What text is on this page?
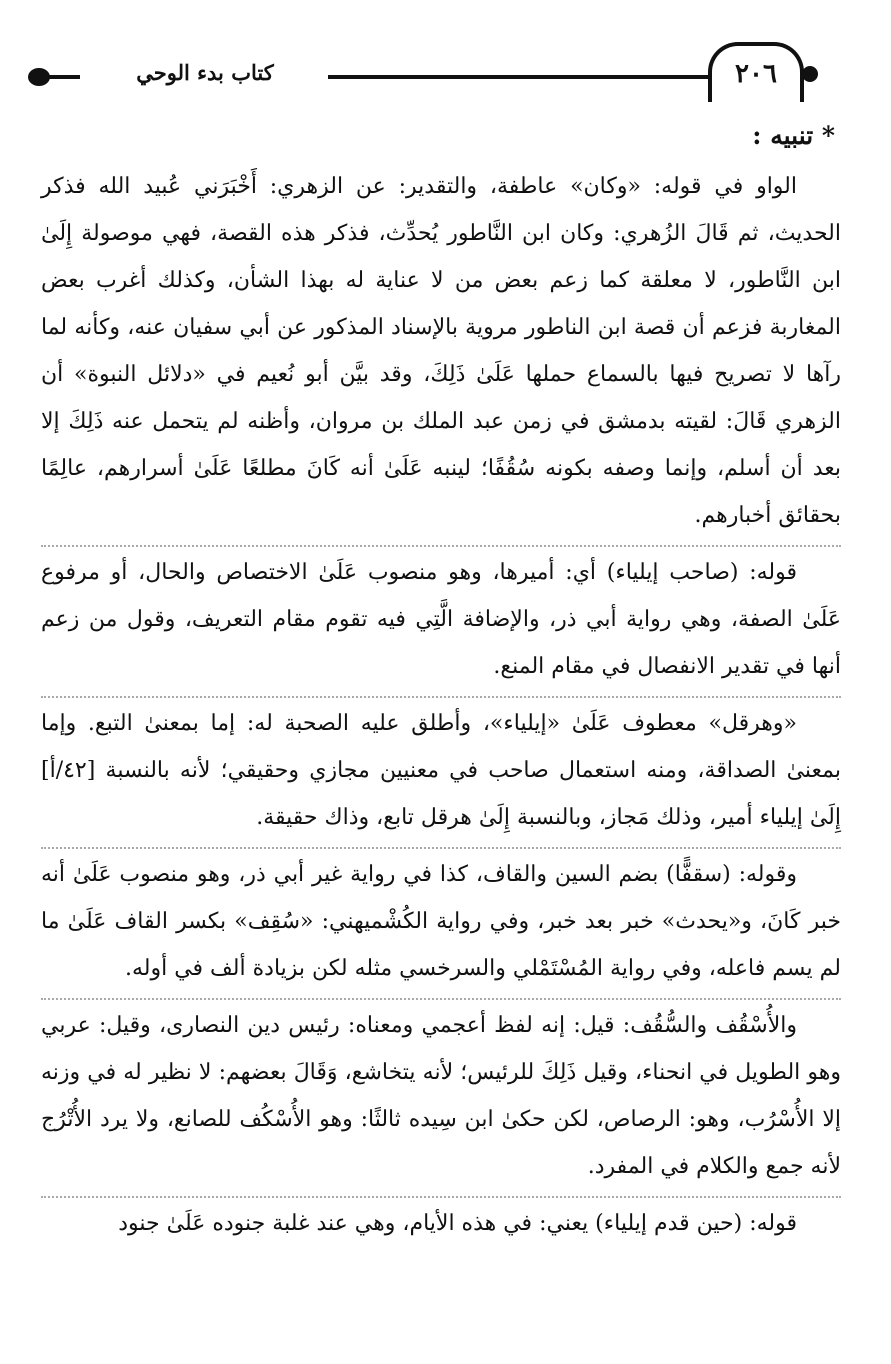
كتاب بدء الوحي	٢٠٦
* تنبيه :

الواو في قوله: «وكان» عاطفة، والتقدير: عن الزهري: أَخْبَرَني عُبيد الله فذكر الحديث، ثم قَالَ الزُهري: وكان ابن النَّاطور يُحدِّث، فذكر هذه القصة، فهي موصولة إِلَىٰ ابن النَّاطور، لا معلقة كما زعم بعض من لا عناية له بهذا الشأن، وكذلك أغرب بعض المغاربة فزعم أن قصة ابن الناطور مروية بالإسناد المذكور عن أبي سفيان عنه، وكأنه لما رآها لا تصريح فيها بالسماع حملها عَلَىٰ ذَلِكَ، وقد بيَّن أبو نُعيم في «دلائل النبوة» أن الزهري قَالَ: لقيته بدمشق في زمن عبد الملك بن مروان، وأظنه لم يتحمل عنه ذَلِكَ إلا بعد أن أسلم، وإنما وصفه بكونه سُقُفًا؛ لينبه عَلَىٰ أنه كَانَ مطلعًا عَلَىٰ أسرارهم، عالِمًا بحقائق أخبارهم.

قوله: (صاحب إيلياء) أي: أميرها، وهو منصوب عَلَىٰ الاختصاص والحال، أو مرفوع عَلَىٰ الصفة، وهي رواية أبي ذر، والإضافة الَّتِي فيه تقوم مقام التعريف، وقول من زعم أنها في تقدير الانفصال في مقام المنع.

«وهرقل» معطوف عَلَىٰ «إيلياء»، وأطلق عليه الصحبة له: إما بمعنىٰ التبع. وإما بمعنىٰ الصداقة، ومنه استعمال صاحب في معنيين مجازي وحقيقي؛ لأنه بالنسبة [٤٢/أ] إِلَىٰ إيلياء أمير، وذلك مَجاز، وبالنسبة إِلَىٰ هرقل تابع، وذاك حقيقة.

وقوله: (سقفًّا) بضم السين والقاف، كذا في رواية غير أبي ذر، وهو منصوب عَلَىٰ أنه خبر كَانَ، و«يحدث» خبر بعد خبر، وفي رواية الكُشْميهني: «سُقِف» بكسر القاف عَلَىٰ ما لم يسم فاعله، وفي رواية المُسْتَمْلي والسرخسي مثله لكن بزيادة ألف في أوله.

والأُسْقُف والسُّقُف: قيل: إنه لفظ أعجمي ومعناه: رئيس دين النصارى، وقيل: عربي وهو الطويل في انحناء، وقيل ذَلِكَ للرئيس؛ لأنه يتخاشع، وَقَالَ بعضهم: لا نظير له في وزنه إلا الأُسْرُب، وهو: الرصاص، لكن حكىٰ ابن سِيده ثالثًا: وهو الأُسْكُف للصانع، ولا يرد الأُتْرُج لأنه جمع والكلام في المفرد.

قوله: (حين قدم إيلياء) يعني: في هذه الأيام، وهي عند غلبة جنوده عَلَىٰ جنود
